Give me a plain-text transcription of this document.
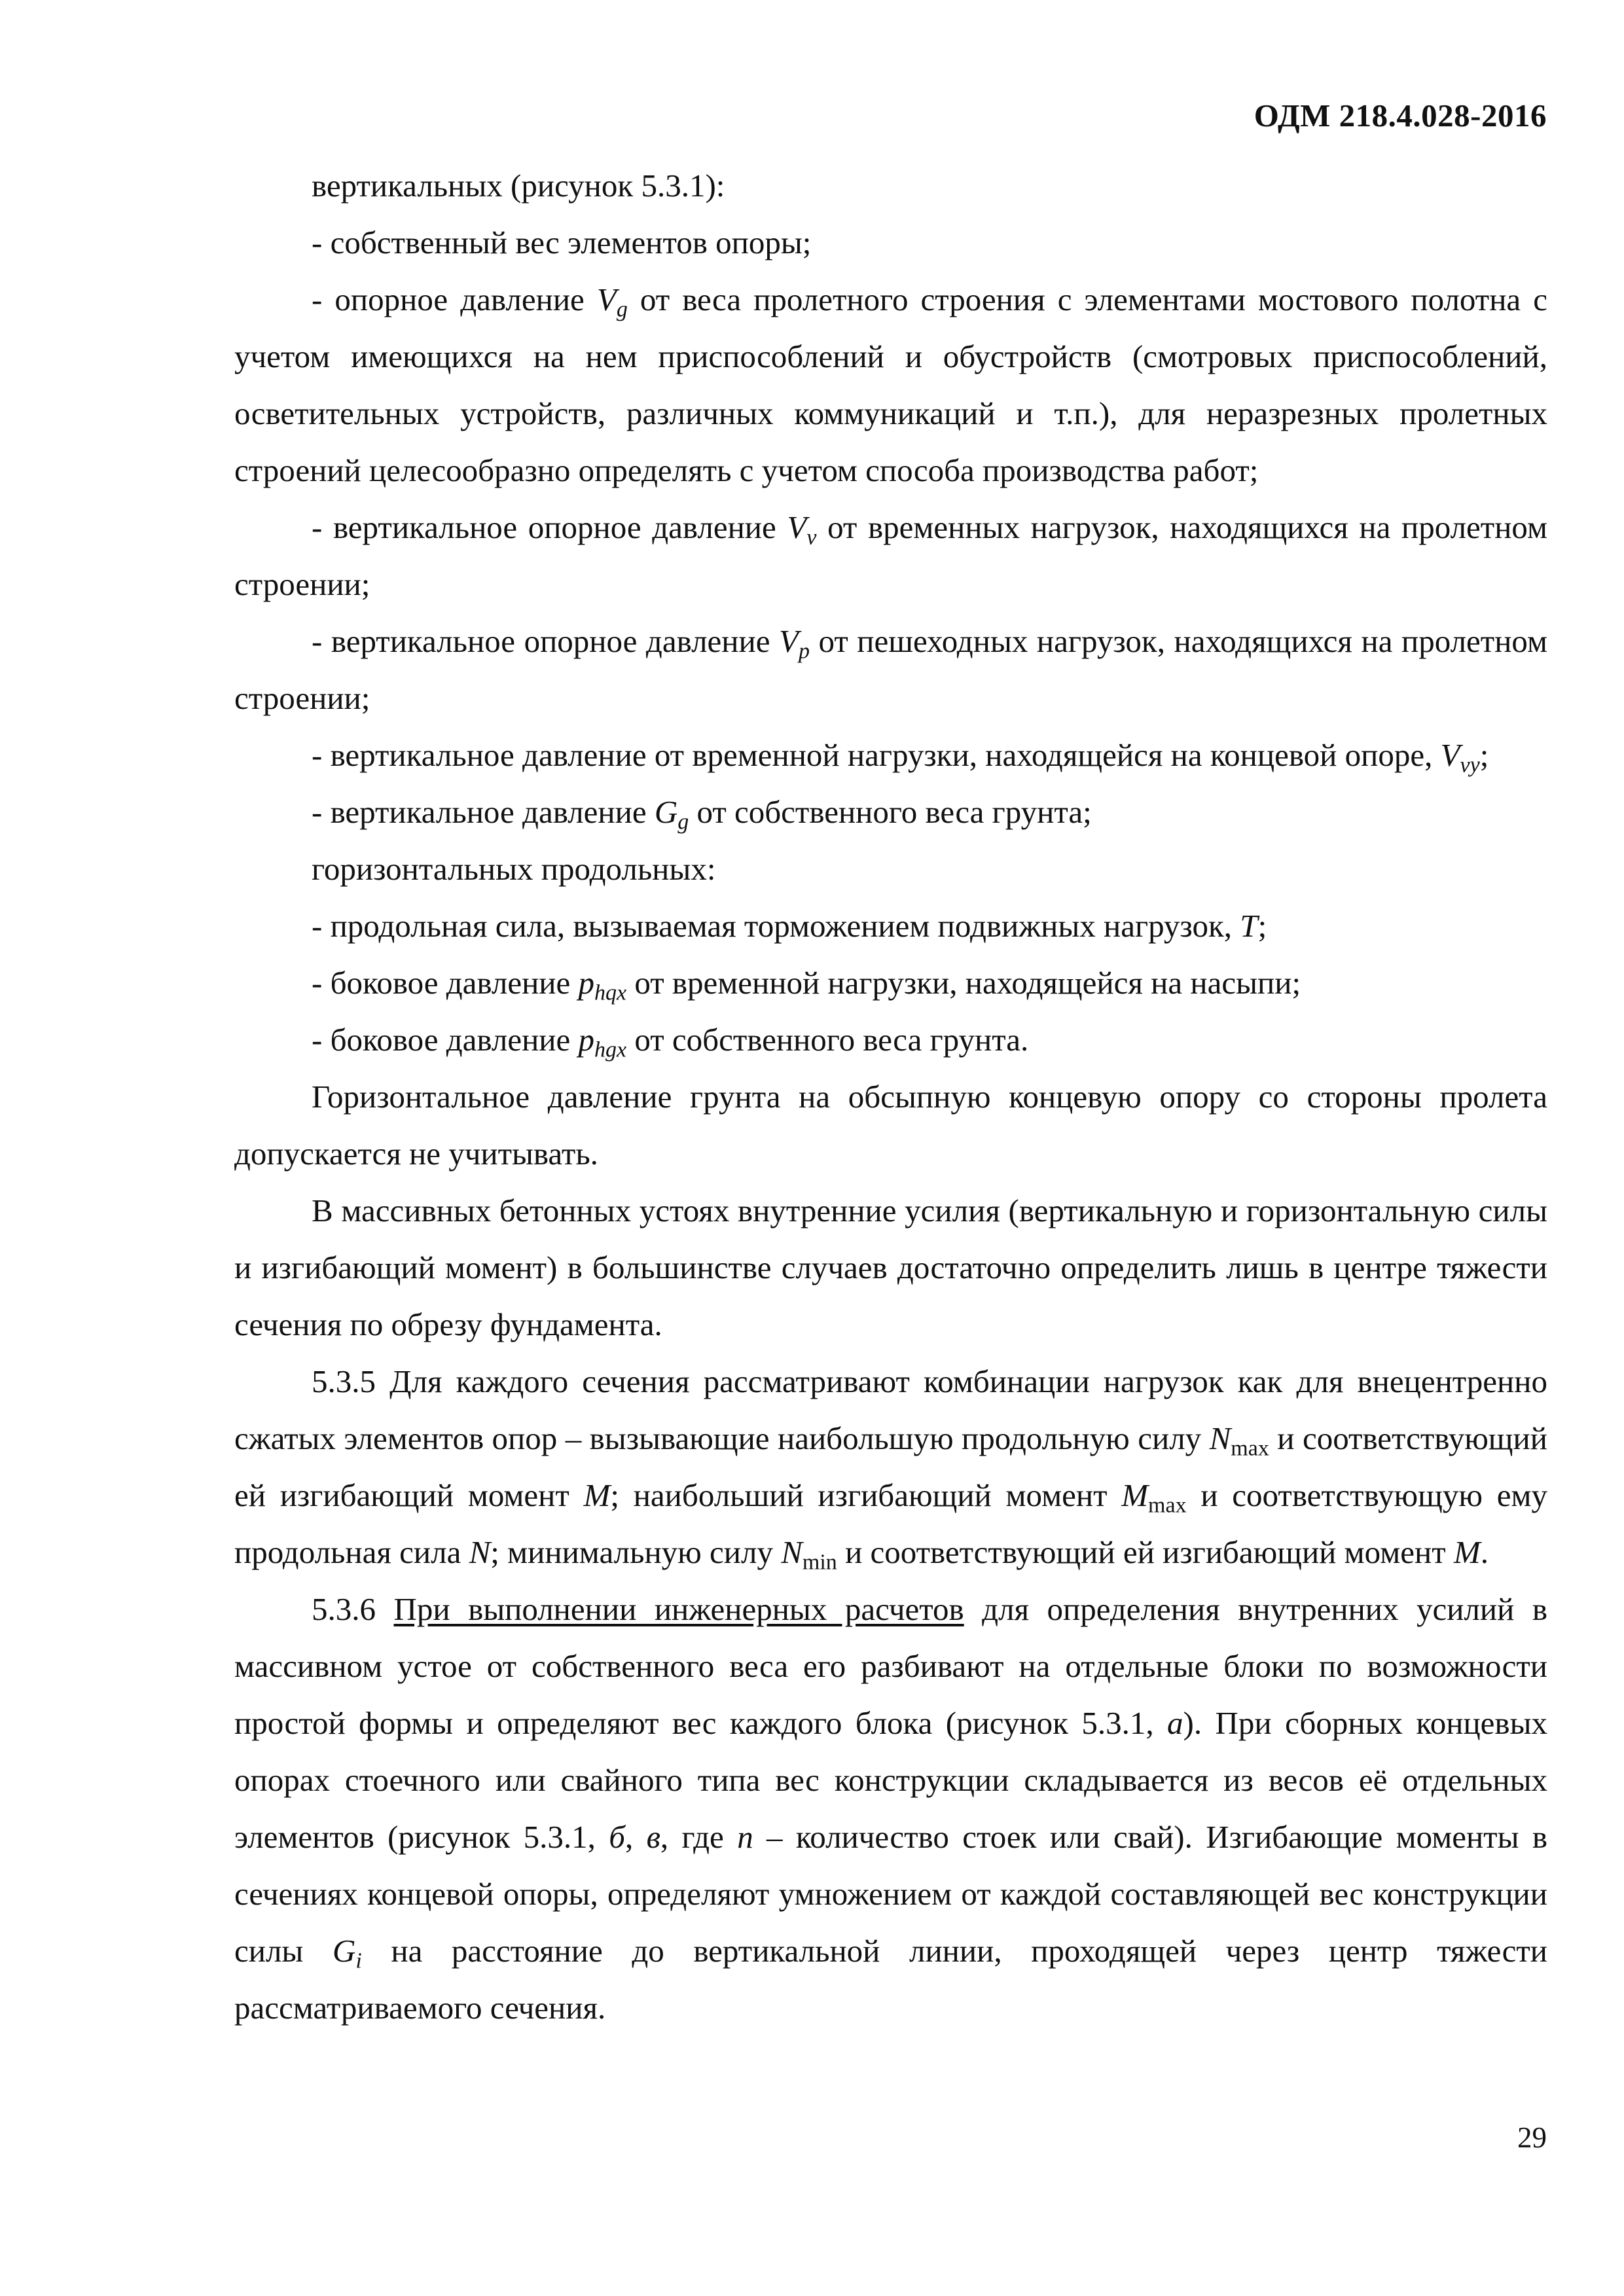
ОДМ 218.4.028-2016

вертикальных (рисунок 5.3.1):

- собственный вес элементов опоры;

- опорное давление $V_g$ от веса пролетного строения с элементами мостового полотна с учетом имеющихся на нем приспособлений и обустройств (смотровых приспособлений, осветительных устройств, различных коммуникаций и т.п.), для неразрезных пролетных строений целесообразно определять с учетом способа производства работ;

- вертикальное опорное давление $V_v$ от временных нагрузок, находящихся на пролетном строении;

- вертикальное опорное давление $V_p$ от пешеходных нагрузок, находящихся на пролетном строении;

- вертикальное давление от временной нагрузки, находящейся на концевой опоре, $V_{vy}$;

- вертикальное давление $G_g$ от собственного веса грунта;

горизонтальных продольных:

- продольная сила, вызываемая торможением подвижных нагрузок, T;

- боковое давление $p_{hqx}$ от временной нагрузки, находящейся на насыпи;

- боковое давление $p_{hgx}$ от собственного веса грунта.

Горизонтальное давление грунта на обсыпную концевую опору со стороны пролета допускается не учитывать.

В массивных бетонных устоях внутренние усилия (вертикальную и горизонтальную силы и изгибающий момент) в большинстве случаев достаточно определить лишь в центре тяжести сечения по обрезу фундамента.

5.3.5 Для каждого сечения рассматривают комбинации нагрузок как для внецентренно сжатых элементов опор – вызывающие наибольшую продольную силу $N_{max}$ и соответствующий ей изгибающий момент M; наибольший изгибающий момент $M_{max}$ и соответствующую ему продольная сила N; минимальную силу $N_{min}$ и соответствующий ей изгибающий момент M.

5.3.6 При выполнении инженерных расчетов для определения внутренних усилий в массивном устое от собственного веса его разбивают на отдельные блоки по возможности простой формы и определяют вес каждого блока (рисунок 5.3.1, а). При сборных концевых опорах стоечного или свайного типа вес конструкции складывается из весов её отдельных элементов (рисунок 5.3.1, б, в, где n – количество стоек или свай). Изгибающие моменты в сечениях концевой опоры, определяют умножением от каждой составляющей вес конструкции силы $G_i$ на расстояние до вертикальной линии, проходящей через центр тяжести рассматриваемого сечения.

29
